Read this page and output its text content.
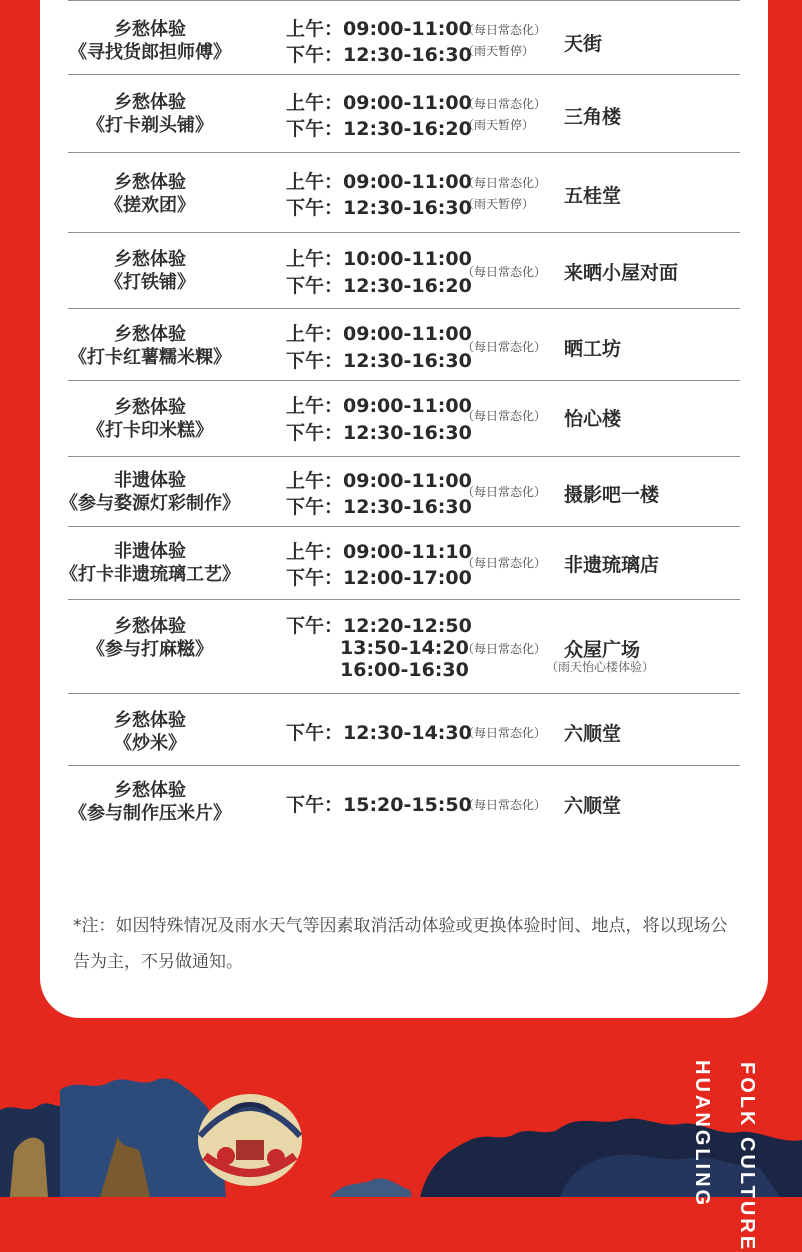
乡愁体验
《寻找货郎担师傅》
上午：09:00-11:00
下午：12:30-16:30
（每日常态化）
（雨天暂停） 天街
乡愁体验
《打卡剃头铺》
上午：09:00-11:00
下午：12:30-16:20
（每日常态化）
（雨天暂停） 三角楼
乡愁体验
《搓欢团》
上午：09:00-11:00
下午：12:30-16:30
（每日常态化）
（雨天暂停） 五桂堂
乡愁体验
《打铁铺》
上午：10:00-11:00
下午：12:30-16:20
（每日常态化） 来晒小屋对面
乡愁体验
《打卡红薯糯米粿》
上午：09:00-11:00
下午：12:30-16:30
（每日常态化） 晒工坊
乡愁体验
《打卡印米糕》
上午：09:00-11:00
下午：12:30-16:30
（每日常态化） 怡心楼
非遗体验
《参与婺源灯彩制作》
上午：09:00-11:00
下午：12:30-16:30
（每日常态化） 摄影吧一楼
非遗体验
《打卡非遗琉璃工艺》
上午：09:00-11:10
下午：12:00-17:00
（每日常态化） 非遗琉璃店
乡愁体验
《参与打麻糍》
下午：12:20-12:50
13:50-14:20
16:00-16:30
（每日常态化） 众屋广场
（雨天怡心楼体验）
乡愁体验
《炒米》	下午：12:30-14:30
（每日常态化） 六顺堂
乡愁体验
《参与制作压米片》	下午：15:20-15:50
（每日常态化） 六顺堂
*注：如因特殊情况及雨水天气等因素取消活动体验或更换体验时间、地点，将以现场公告为主，不另做通知。
HUANGLING FOLK CULTURE
